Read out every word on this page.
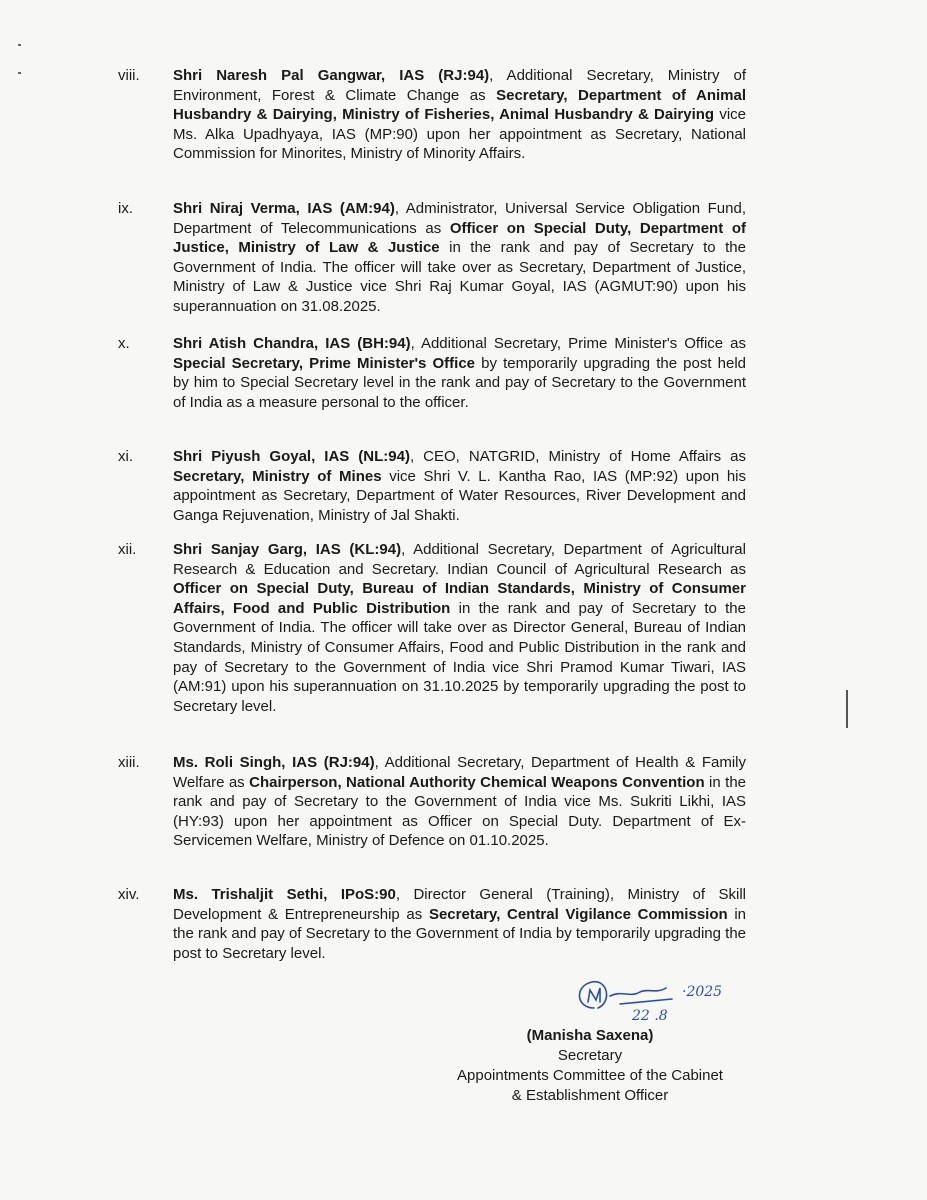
viii. Shri Naresh Pal Gangwar, IAS (RJ:94), Additional Secretary, Ministry of Environment, Forest & Climate Change as Secretary, Department of Animal Husbandry & Dairying, Ministry of Fisheries, Animal Husbandry & Dairying vice Ms. Alka Upadhyaya, IAS (MP:90) upon her appointment as Secretary, National Commission for Minorites, Ministry of Minority Affairs.
ix.	Shri Niraj Verma, IAS (AM:94), Administrator, Universal Service Obligation Fund, Department of Telecommunications as Officer on Special Duty, Department of Justice, Ministry of Law & Justice in the rank and pay of Secretary to the Government of India. The officer will take over as Secretary, Department of Justice, Ministry of Law & Justice vice Shri Raj Kumar Goyal, IAS (AGMUT:90) upon his superannuation on 31.08.2025.
x.	Shri Atish Chandra, IAS (BH:94), Additional Secretary, Prime Minister's Office as Special Secretary, Prime Minister's Office by temporarily upgrading the post held by him to Special Secretary level in the rank and pay of Secretary to the Government of India as a measure personal to the officer.
xi.	Shri Piyush Goyal, IAS (NL:94), CEO, NATGRID, Ministry of Home Affairs as Secretary, Ministry of Mines vice Shri V. L. Kantha Rao, IAS (MP:92) upon his appointment as Secretary, Department of Water Resources, River Development and Ganga Rejuvenation, Ministry of Jal Shakti.
xii. Shri Sanjay Garg, IAS (KL:94), Additional Secretary, Department of Agricultural Research & Education and Secretary. Indian Council of Agricultural Research as Officer on Special Duty, Bureau of Indian Standards, Ministry of Consumer Affairs, Food and Public Distribution in the rank and pay of Secretary to the Government of India. The officer will take over as Director General, Bureau of Indian Standards, Ministry of Consumer Affairs, Food and Public Distribution in the rank and pay of Secretary to the Government of India vice Shri Pramod Kumar Tiwari, IAS (AM:91) upon his superannuation on 31.10.2025 by temporarily upgrading the post to Secretary level.
xiii. Ms. Roli Singh, IAS (RJ:94), Additional Secretary, Department of Health & Family Welfare as Chairperson, National Authority Chemical Weapons Convention in the rank and pay of Secretary to the Government of India vice Ms. Sukriti Likhi, IAS (HY:93) upon her appointment as Officer on Special Duty. Department of Ex-Servicemen Welfare, Ministry of Defence on 01.10.2025.
xiv. Ms. Trishaljit Sethi, IPoS:90, Director General (Training), Ministry of Skill Development & Entrepreneurship as Secretary, Central Vigilance Commission in the rank and pay of Secretary to the Government of India by temporarily upgrading the post to Secretary level.
·2025
22 .8
(Manisha Saxena)
Secretary
Appointments Committee of the Cabinet
& Establishment Officer
